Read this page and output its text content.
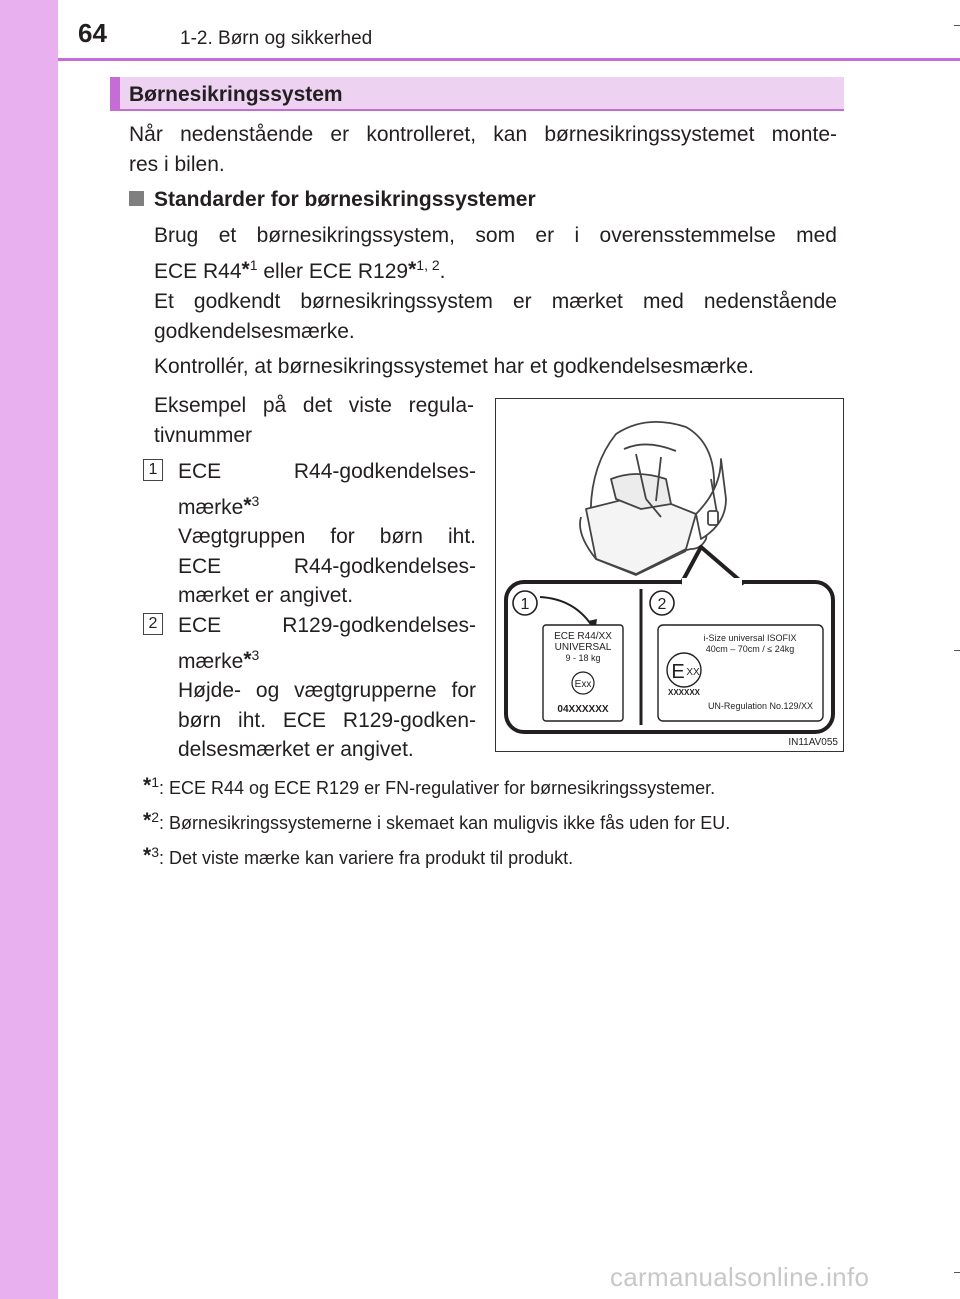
64	1-2. Børn og sikkerhed
Børnesikringssystem
Når nedenstående er kontrolleret, kan børnesikringssystemet monte-
res i bilen.
Standarder for børnesikringssystemer
Brug et børnesikringssystem, som er i overensstemmelse med
ECE R44*$^1$ eller ECE R129*$^{1, 2}$.
Et godkendt børnesikringssystem er mærket med nedenstående
godkendelsesmærke.
Kontrollér, at børnesikringssystemet har et godkendelsesmærke.
Eksempel på det viste regula-
tivnummer
1 ECE R44-godkendelses-
mærke*$^3$
Vægtgruppen for børn iht.
ECE R44-godkendelses-
mærket er angivet.
2 ECE R129-godkendelses-
mærke*$^3$
Højde- og vægtgrupperne for
børn iht. ECE R129-godken-
delsesmærket er angivet.
1	2
ECE R44/XX
UNIVERSAL
9 - 18 kg
Exx
04XXXXXX
i-Size universal ISOFIX
40cm – 70cm / ≤ 24kg
E XX
XXXXXX
UN-Regulation No.129/XX
IN11AV055
*$^1$: ECE R44 og ECE R129 er FN-regulativer for børnesikringssystemer.
*$^2$: Børnesikringssystemerne i skemaet kan muligvis ikke fås uden for EU.
*$^3$: Det viste mærke kan variere fra produkt til produkt.
carmanualsonline.info
